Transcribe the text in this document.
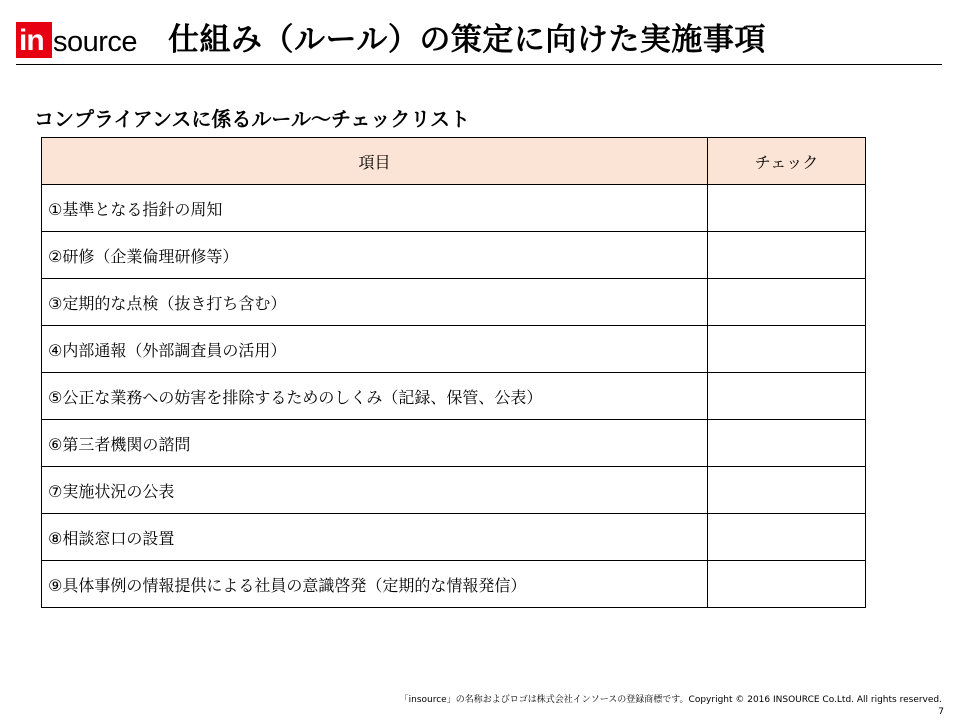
in source 仕組み（ルール）の策定に向けた実施事項
コンプライアンスに係るルール～チェックリスト
項目	チェック
①基準となる指針の周知	
②研修（企業倫理研修等）	
③定期的な点検（抜き打ち含む）	
④内部通報（外部調査員の活用）	
⑤公正な業務への妨害を排除するためのしくみ（記録、保管、公表）	
⑥第三者機関の諮問	
⑦実施状況の公表	
⑧相談窓口の設置	
⑨具体事例の情報提供による社員の意識啓発（定期的な情報発信）	
「insource」の名称およびロゴは株式会社インソースの登録商標です。Copyright © 2016 INSOURCE Co.Ltd. All rights reserved.
7
